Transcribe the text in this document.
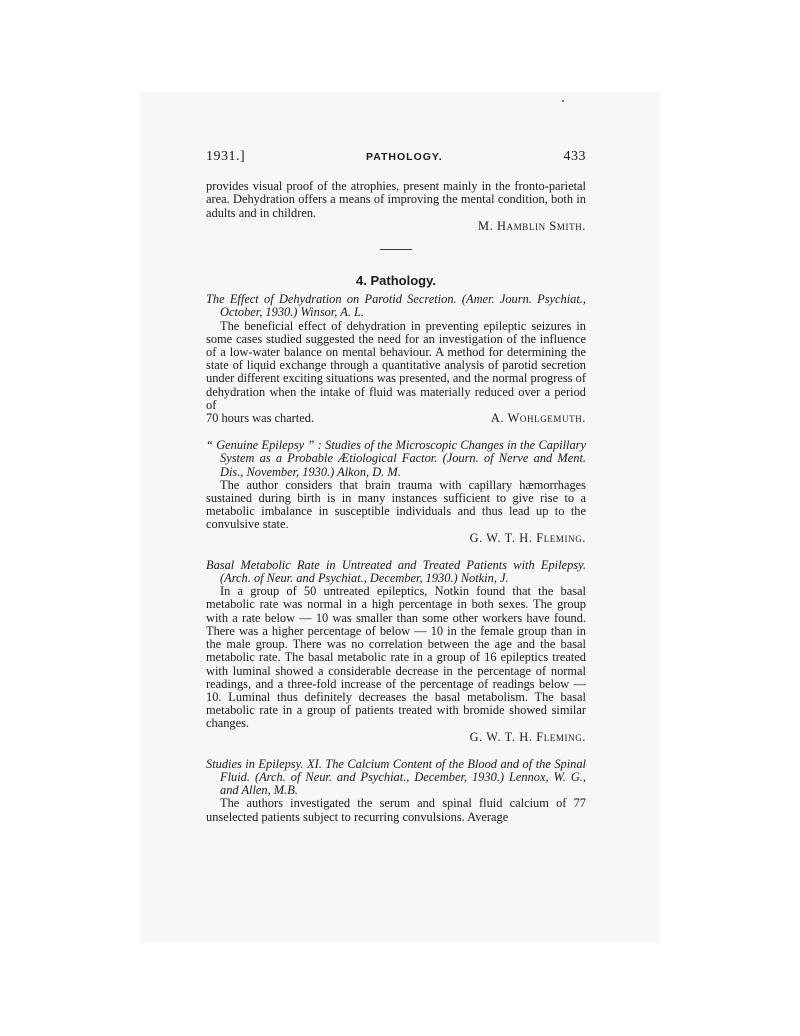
1931.]	PATHOLOGY.	433

provides visual proof of the atrophies, present mainly in the fronto-parietal area. Dehydration offers a means of improving the mental condition, both in adults and in children.

M. Hamblin Smith.

4. Pathology.

The Effect of Dehydration on Parotid Secretion. (Amer. Journ. Psychiat., October, 1930.) Winsor, A. L.

The beneficial effect of dehydration in preventing epileptic seizures in some cases studied suggested the need for an investigation of the influence of a low-water balance on mental behaviour. A method for determining the state of liquid exchange through a quantitative analysis of parotid secretion under different exciting situations was presented, and the normal progress of dehydration when the intake of fluid was materially reduced over a period of

70 hours was charted.	A. Wohlgemuth.

“ Genuine Epilepsy ” : Studies of the Microscopic Changes in the Capillary System as a Probable Ætiological Factor. (Journ. of Nerve and Ment. Dis., November, 1930.) Alkon, D. M.

The author considers that brain trauma with capillary hæmorrhages sustained during birth is in many instances sufficient to give rise to a metabolic imbalance in susceptible individuals and thus lead up to the convulsive state.

G. W. T. H. Fleming.

Basal Metabolic Rate in Untreated and Treated Patients with Epilepsy. (Arch. of Neur. and Psychiat., December, 1930.) Notkin, J.

In a group of 50 untreated epileptics, Notkin found that the basal metabolic rate was normal in a high percentage in both sexes. The group with a rate below — 10 was smaller than some other workers have found. There was a higher percentage of below — 10 in the female group than in the male group. There was no correlation between the age and the basal metabolic rate. The basal metabolic rate in a group of 16 epileptics treated with luminal showed a considerable decrease in the percentage of normal readings, and a three-fold increase of the percentage of readings below — 10. Luminal thus definitely decreases the basal metabolism. The basal metabolic rate in a group of patients treated with bromide showed similar changes.

G. W. T. H. Fleming.

Studies in Epilepsy. XI. The Calcium Content of the Blood and of the Spinal Fluid. (Arch. of Neur. and Psychiat., December, 1930.) Lennox, W. G., and Allen, M.B.

The authors investigated the serum and spinal fluid calcium of 77 unselected patients subject to recurring convulsions. Average
